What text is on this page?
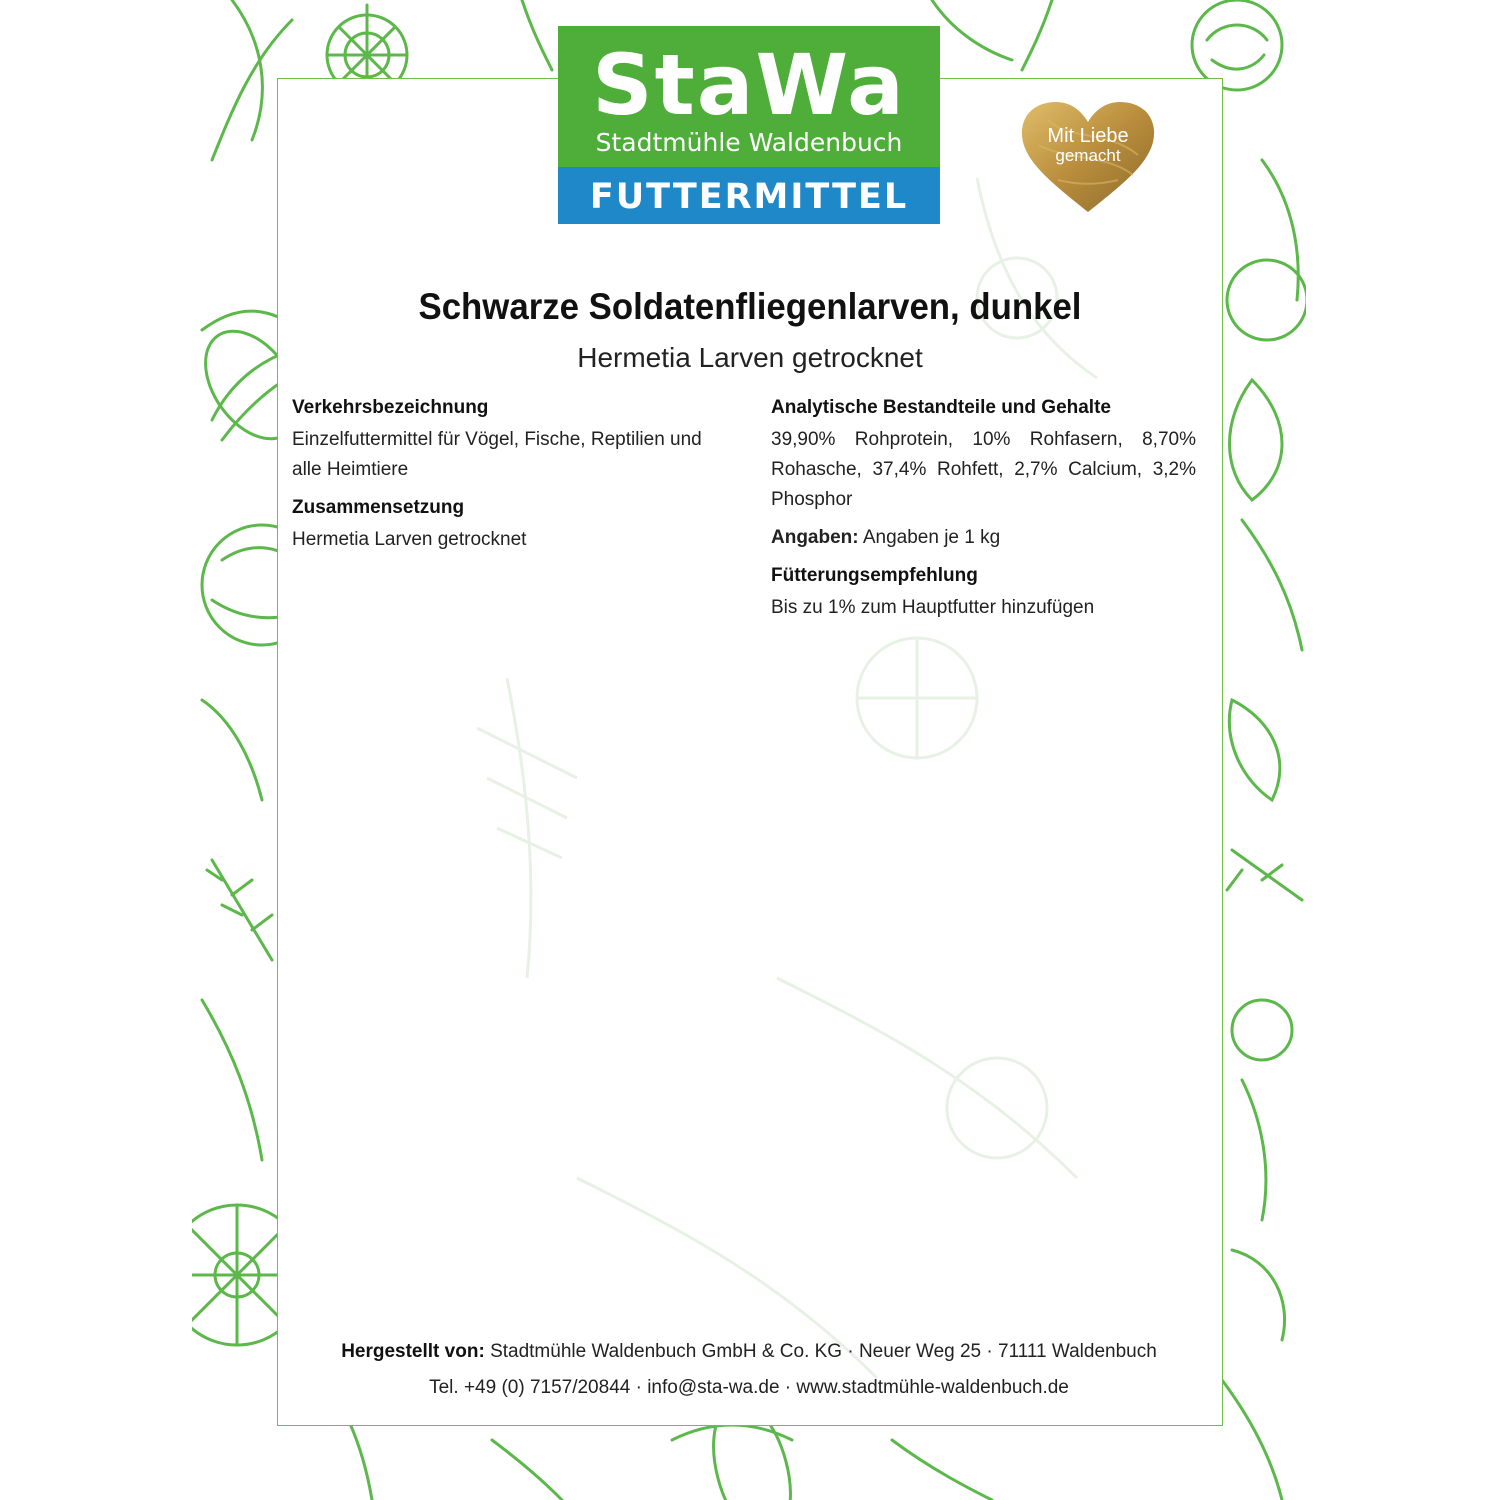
StaWa
Stadtmühle Waldenbuch
FUTTERMITTEL
Mit Liebe
gemacht
Schwarze Soldatenfliegenlarven, dunkel
Hermetia Larven getrocknet
Verkehrsbezeichnung
Einzelfuttermittel für Vögel, Fische, Reptilien und alle Heimtiere
Zusammensetzung
Hermetia Larven getrocknet
Analytische Bestandteile und Gehalte
39,90% Rohprotein, 10% Rohfasern, 8,70% Rohasche, 37,4% Rohfett, 2,7% Calcium, 3,2% Phosphor
Angaben: Angaben je 1 kg
Fütterungsempfehlung
Bis zu 1% zum Hauptfutter hinzufügen
Hergestellt von: Stadtmühle Waldenbuch GmbH & Co. KG · Neuer Weg 25 · 71111 Waldenbuch
Tel. +49 (0) 7157/20844 · info@sta-wa.de · www.stadtmühle-waldenbuch.de
